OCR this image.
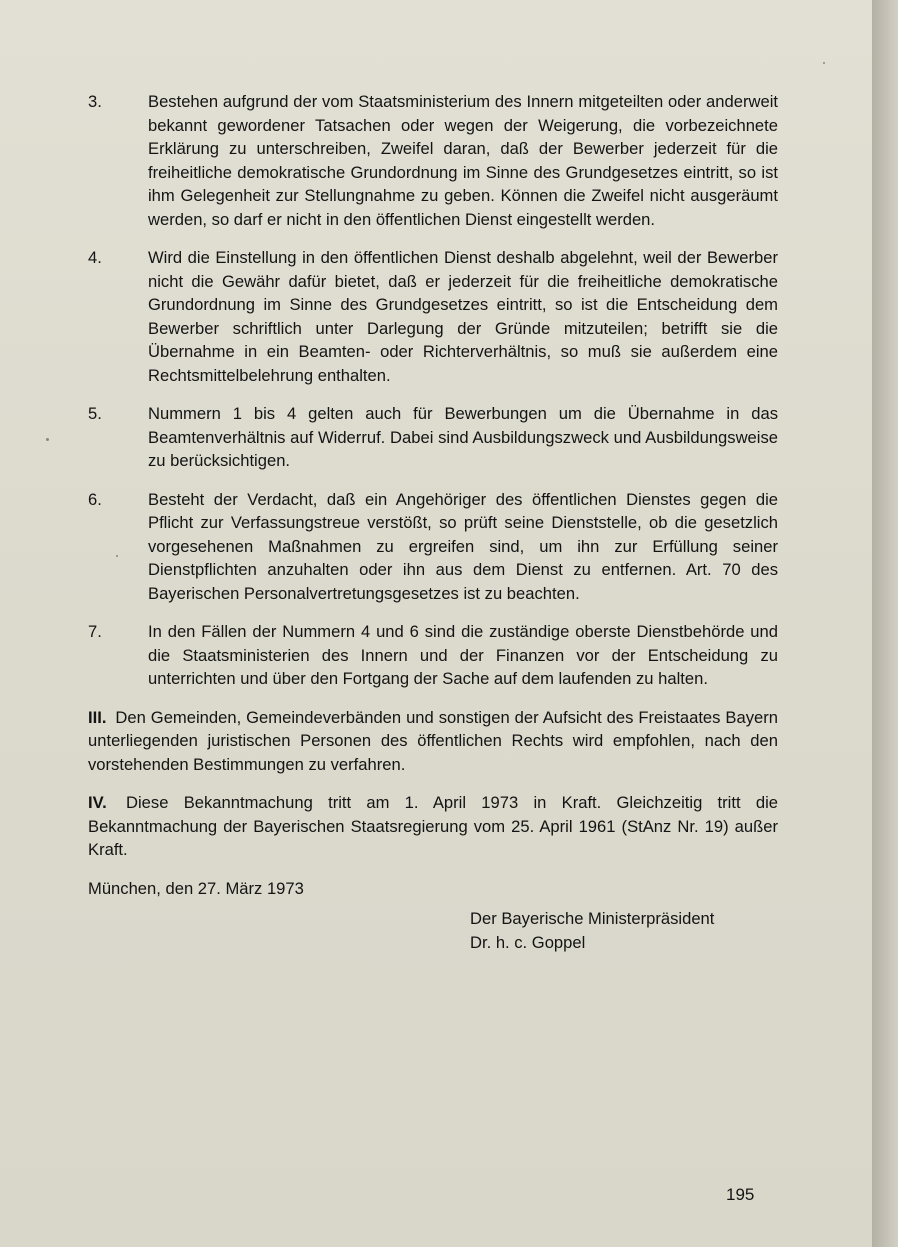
3.	Bestehen aufgrund der vom Staatsministerium des Innern mitgeteilten oder anderweit bekannt gewordener Tatsachen oder wegen der Weigerung, die vorbezeichnete Erklärung zu unterschreiben, Zweifel daran, daß der Bewerber jederzeit für die freiheitliche demokratische Grundordnung im Sinne des Grundgesetzes eintritt, so ist ihm Gelegenheit zur Stellungnahme zu geben. Können die Zweifel nicht ausgeräumt werden, so darf er nicht in den öffentlichen Dienst eingestellt werden.
4.	Wird die Einstellung in den öffentlichen Dienst deshalb abgelehnt, weil der Bewerber nicht die Gewähr dafür bietet, daß er jederzeit für die freiheitliche demokratische Grundordnung im Sinne des Grundgesetzes eintritt, so ist die Entscheidung dem Bewerber schriftlich unter Darlegung der Gründe mitzuteilen; betrifft sie die Übernahme in ein Beamten- oder Richterverhältnis, so muß sie außerdem eine Rechtsmittelbelehrung enthalten.
5.	Nummern 1 bis 4 gelten auch für Bewerbungen um die Übernahme in das Beamtenverhältnis auf Widerruf. Dabei sind Ausbildungszweck und Ausbildungsweise zu berücksichtigen.
6.	Besteht der Verdacht, daß ein Angehöriger des öffentlichen Dienstes gegen die Pflicht zur Verfassungstreue verstößt, so prüft seine Dienststelle, ob die gesetzlich vorgesehenen Maßnahmen zu ergreifen sind, um ihn zur Erfüllung seiner Dienstpflichten anzuhalten oder ihn aus dem Dienst zu entfernen. Art. 70 des Bayerischen Personalvertretungsgesetzes ist zu beachten.
7.	In den Fällen der Nummern 4 und 6 sind die zuständige oberste Dienstbehörde und die Staatsministerien des Innern und der Finanzen vor der Entscheidung zu unterrichten und über den Fortgang der Sache auf dem laufenden zu halten.

III. Den Gemeinden, Gemeindeverbänden und sonstigen der Aufsicht des Freistaates Bayern unterliegenden juristischen Personen des öffentlichen Rechts wird empfohlen, nach den vorstehenden Bestimmungen zu verfahren.

IV. Diese Bekanntmachung tritt am 1. April 1973 in Kraft. Gleichzeitig tritt die Bekanntmachung der Bayerischen Staatsregierung vom 25. April 1961 (StAnz Nr. 19) außer Kraft.

München, den 27. März 1973
Der Bayerische Ministerpräsident
Dr. h. c. Goppel
195
